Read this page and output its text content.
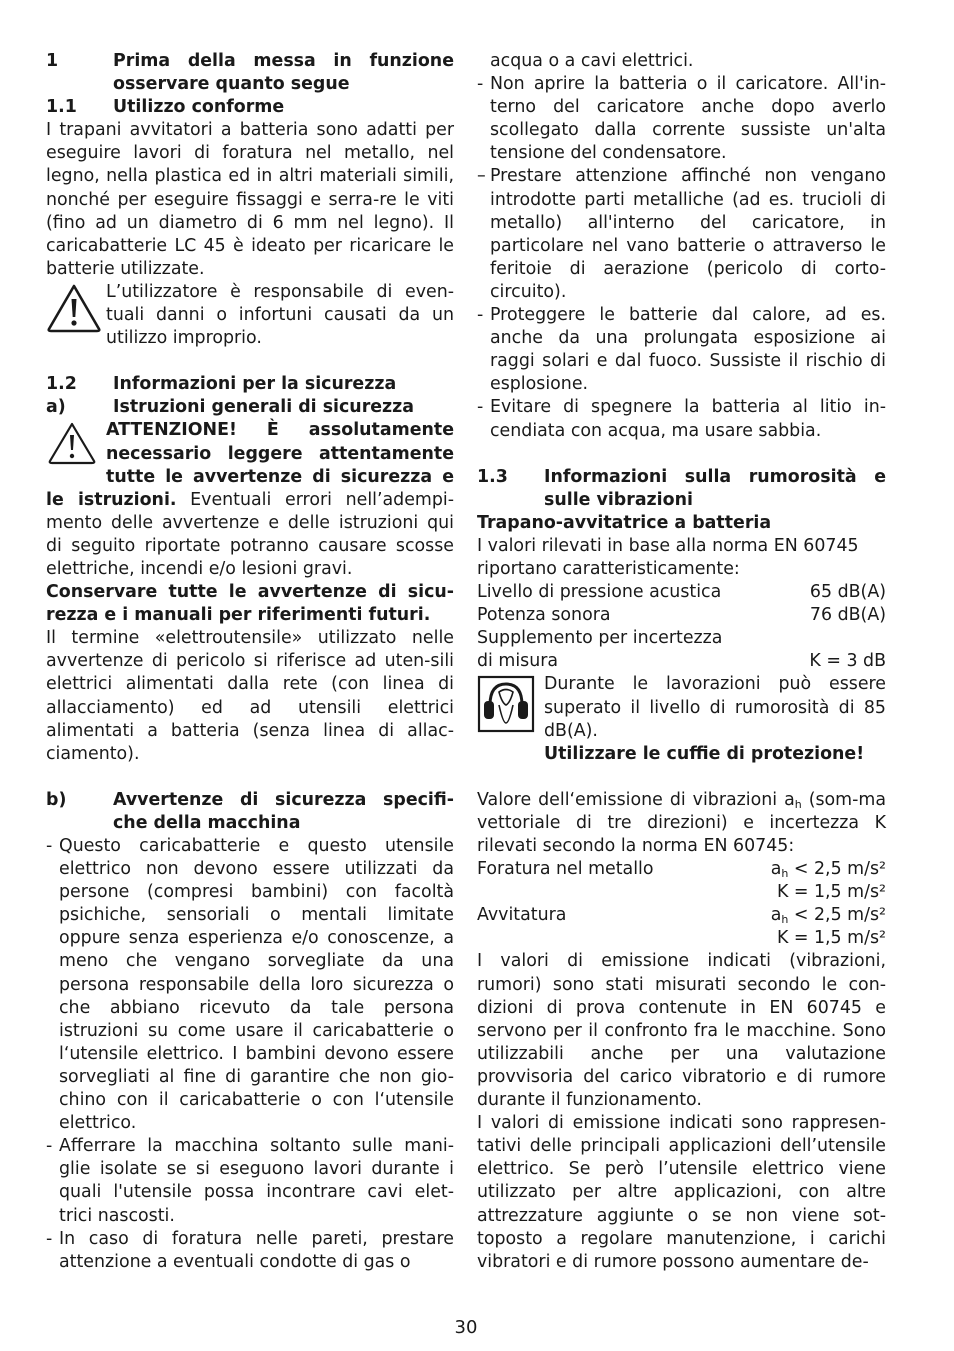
1	Prima della messa in funzione osservare quanto segue
1.1	Utilizzo conforme

I trapani avvitatori a batteria sono adatti per eseguire lavori di foratura nel metallo, nel legno, nella plastica ed in altri materiali simili, nonché per eseguire fissaggi e serra-re le viti (fino ad un diametro di 6 mm nel legno). Il caricabatterie LC 45 è ideato per ricaricare le batterie utilizzate.

L’utilizzatore è responsabile di even-tuali danni o infortuni causati da un utilizzo improprio.
1.2	Informazioni per la sicurezza
a)	Istruzioni generali di sicurezza

ATTENZIONE! È assolutamente necessario leggere attentamente tutte le avvertenze di sicurezza e le istruzioni. Eventuali errori nell’adempi-mento delle avvertenze e delle istruzioni qui di seguito riportate potranno causare scosse elettriche, incendi e/o lesioni gravi.

Conservare tutte le avvertenze di sicu-rezza e i manuali per riferimenti futuri.

Il termine «elettroutensile» utilizzato nelle avvertenze di pericolo si riferisce ad uten-sili elettrici alimentati dalla rete (con linea di allacciamento) ed ad utensili elettrici alimentati a batteria (senza linea di allac-ciamento).

b)	Avvertenze di sicurezza specifi-che della macchina
- Questo caricabatterie e questo utensile elettrico non devono essere utilizzati da persone (compresi bambini) con facoltà psichiche, sensoriali o mentali limitate oppure senza esperienza e/o conoscenze, a meno che vengano sorvegliate da una persona responsabile della loro sicurezza o che abbiano ricevuto da tale persona istruzioni su come usare il caricabatterie o l‘utensile elettrico. I bambini devono essere sorvegliati al fine di garantire che non gio-chino con il caricabatterie o con l‘utensile elettrico.
- Afferrare la macchina soltanto sulle mani-glie isolate se si eseguono lavori durante i quali l'utensile possa incontrare cavi elet-trici nascosti.
- In caso di foratura nelle pareti, prestare attenzione a eventuali condotte di gas o

acqua o a cavi elettrici.

- Non aprire la batteria o il caricatore. All'in-terno del caricatore anche dopo averlo scollegato dalla corrente sussiste un'alta tensione del condensatore.
– Prestare attenzione affinché non vengano introdotte parti metalliche (ad es. trucioli di metallo) all'interno del caricatore, in particolare nel vano batterie o attraverso le feritoie di aerazione (pericolo di corto-circuito).
- Proteggere le batterie dal calore, ad es. anche da una prolungata esposizione ai raggi solari e dal fuoco. Sussiste il rischio di esplosione.
- Evitare di spegnere la batteria al litio in-cendiata con acqua, ma usare sabbia.
1.3	Informazioni sulla rumorosità e sulle vibrazioni

Trapano-avvitatrice a batteria

I valori rilevati in base alla norma EN 60745 riportano caratteristicamente:

Livello di pressione acustica	65 dB(A)
Potenza sonora	76 dB(A)

Supplemento per incertezza

di misura	K = 3 dB

Durante le lavorazioni può essere superato il livello di rumorosità di 85 dB(A).

Utilizzare le cuffie di protezione!

Valore dell‘emissione di vibrazioni $a_h$ (som-ma vettoriale di tre direzioni) e incertezza K rilevati secondo la norma EN 60745:

Foratura nel metallo	$a_h < 2,5$ m/s²
K = 1,5 m/s²
Avvitatura	$a_h < 2,5$ m/s²
K = 1,5 m/s²

I valori di emissione indicati (vibrazioni, rumori) sono stati misurati secondo le con-dizioni di prova contenute in EN 60745 e servono per il confronto fra le macchine. Sono utilizzabili anche per una valutazione provvisoria del carico vibratorio e di rumore durante il funzionamento.

I valori di emissione indicati sono rappresen-tativi delle principali applicazioni dell’utensile elettrico. Se però l’utensile elettrico viene utilizzato per altre applicazioni, con altre attrezzature aggiunte o se non viene sot-toposto a regolare manutenzione, i carichi vibratori e di rumore possono aumentare de-

30
